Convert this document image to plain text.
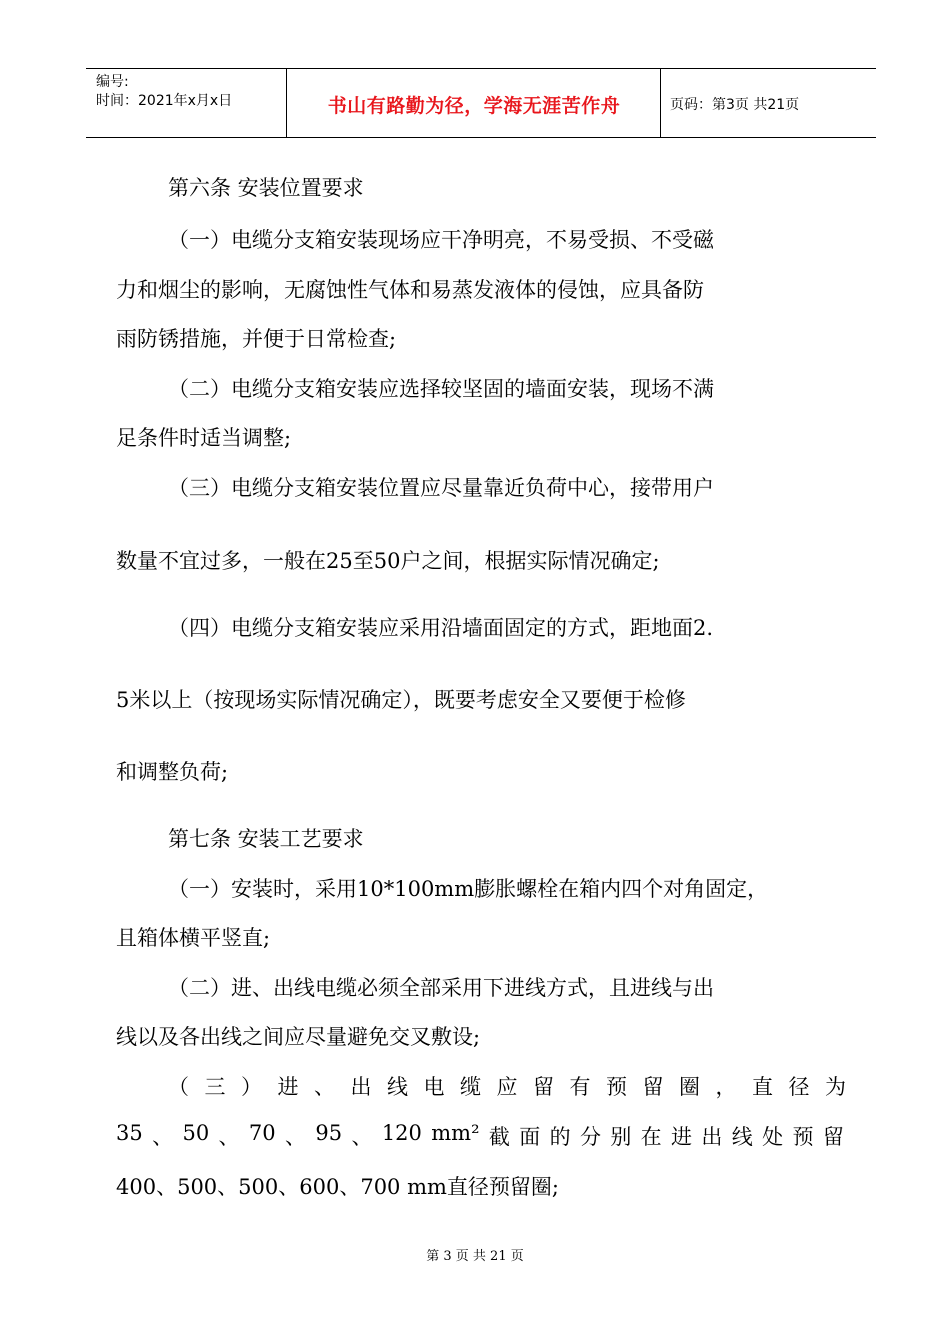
编号:
时间：2021年x月x日	书山有路勤为径，学海无涯苦作舟	页码：第3页 共21页
第六条 安装位置要求
（一）电缆分支箱安装现场应干净明亮，不易受损、不受磁
力和烟尘的影响，无腐蚀性气体和易蒸发液体的侵蚀，应具备防
雨防锈措施，并便于日常检查;
（二）电缆分支箱安装应选择较坚固的墙面安装，现场不满
足条件时适当调整;
（三）电缆分支箱安装位置应尽量靠近负荷中心，接带用户
数量不宜过多，一般在25至50户之间，根据实际情况确定;
（四）电缆分支箱安装应采用沿墙面固定的方式，距地面2.
5米以上（按现场实际情况确定），既要考虑安全又要便于检修
和调整负荷;
第七条 安装工艺要求
（一）安装时，采用10*100mm膨胀螺栓在箱内四个对角固定，
且箱体横平竖直;
（二）进、出线电缆必须全部采用下进线方式，且进线与出
线以及各出线之间应尽量避免交叉敷设;
（ 三 ） 进 、 出 线 电 缆 应 留 有 预 留 圈 ， 直 径 为
35 、 50 、 70 、 95 、 120 mm² 截 面 的 分 别 在 进 出 线 处 预 留
400、500、500、600、700 mm直径预留圈;
第 3 页 共 21 页
